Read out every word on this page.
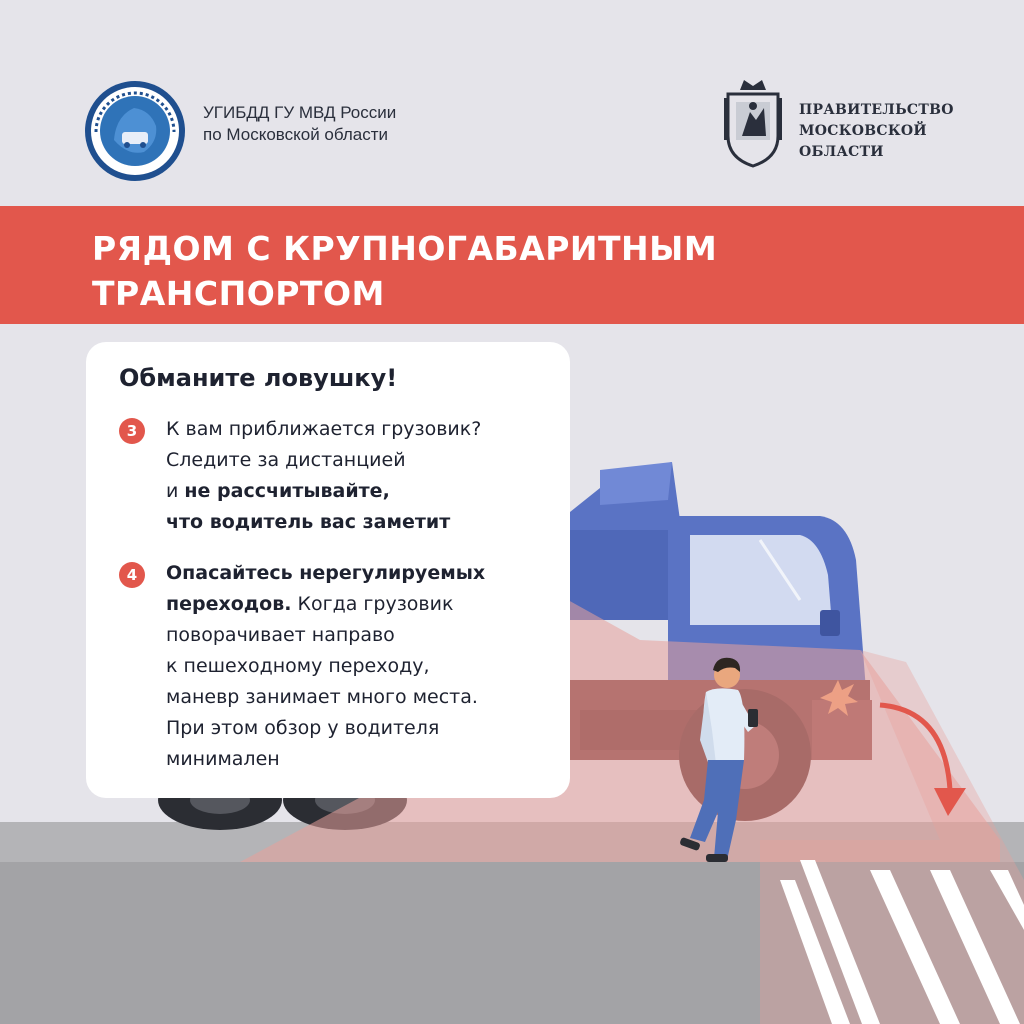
УГИБДД ГУ МВД России
по Московской области
ПРАВИТЕЛЬСТВО
МОСКОВСКОЙ
ОБЛАСТИ
РЯДОМ С КРУПНОГАБАРИТНЫМ
ТРАНСПОРТОМ
Обманите ловушку!
3	К вам приближается грузовик?
Следите за дистанцией
и не рассчитывайте,
что водитель вас заметит
4	Опасайтесь нерегулируемых
переходов. Когда грузовик
поворачивает направо
к пешеходному переходу,
маневр занимает много места.
При этом обзор у водителя
минимален
